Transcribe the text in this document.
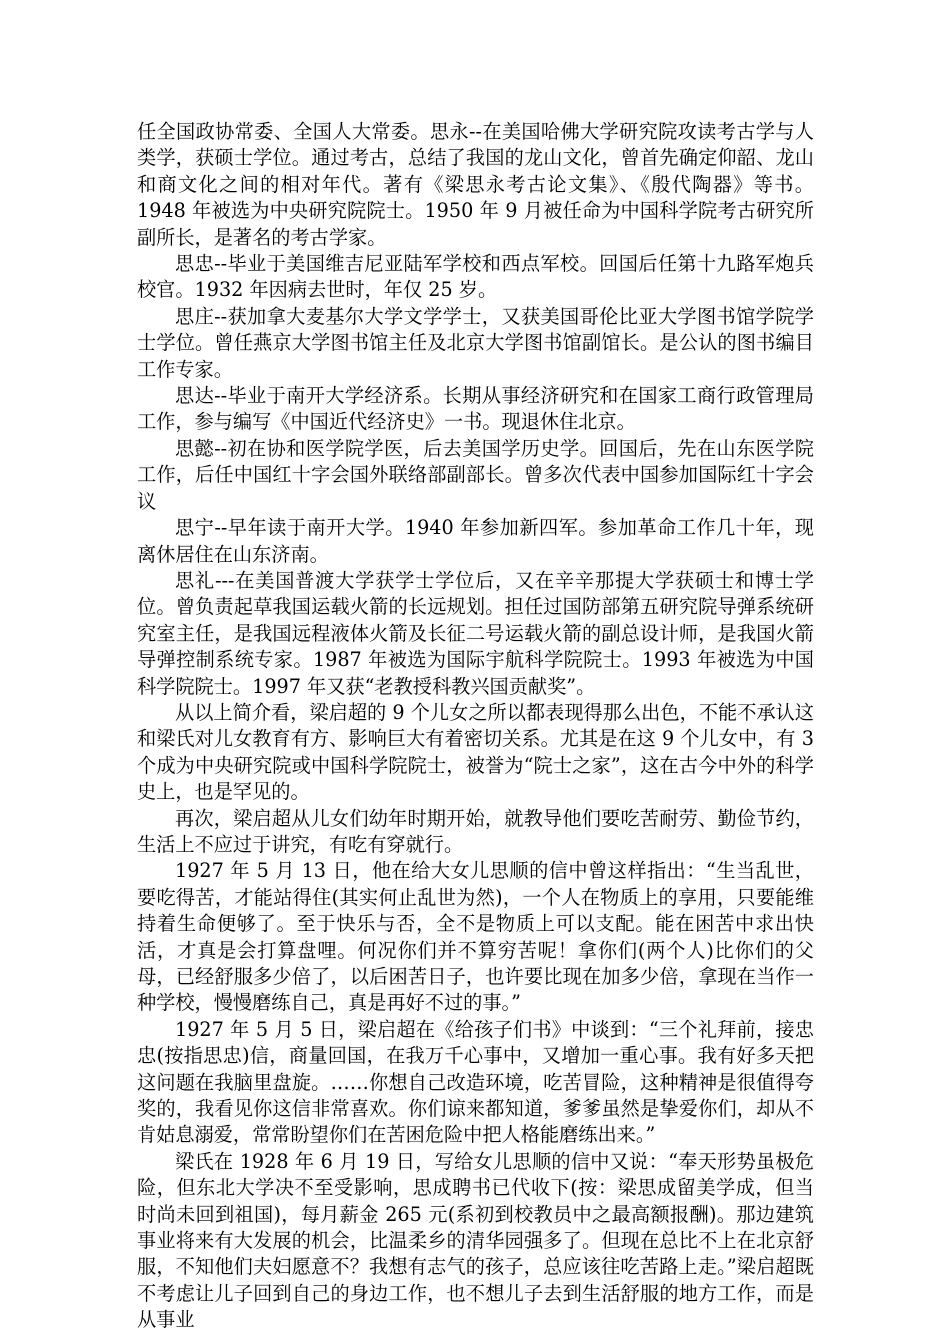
任全国政协常委、全国人大常委。思永--在美国哈佛大学研究院攻读考古学与人类学，获硕士学位。通过考古，总结了我国的龙山文化，曾首先确定仰韶、龙山和商文化之间的相对年代。著有《梁思永考古论文集》、《殷代陶器》等书。1948 年被选为中央研究院院士。1950 年 9 月被任命为中国科学院考古研究所副所长，是著名的考古学家。

思忠--毕业于美国维吉尼亚陆军学校和西点军校。回国后任第十九路军炮兵校官。1932 年因病去世时，年仅 25 岁。

思庄--获加拿大麦基尔大学文学学士，又获美国哥伦比亚大学图书馆学院学士学位。曾任燕京大学图书馆主任及北京大学图书馆副馆长。是公认的图书编目工作专家。

思达--毕业于南开大学经济系。长期从事经济研究和在国家工商行政管理局工作，参与编写《中国近代经济史》一书。现退休住北京。

思懿--初在协和医学院学医，后去美国学历史学。回国后，先在山东医学院工作，后任中国红十字会国外联络部副部长。曾多次代表中国参加国际红十字会议

思宁--早年读于南开大学。1940 年参加新四军。参加革命工作几十年，现离休居住在山东济南。

思礼---在美国普渡大学获学士学位后，又在辛辛那提大学获硕士和博士学位。曾负责起草我国运载火箭的长远规划。担任过国防部第五研究院导弹系统研究室主任，是我国远程液体火箭及长征二号运载火箭的副总设计师，是我国火箭导弹控制系统专家。1987 年被选为国际宇航科学院院士。1993 年被选为中国科学院院士。1997 年又获“老教授科教兴国贡献奖”。

从以上简介看，梁启超的 9 个儿女之所以都表现得那么出色，不能不承认这和梁氏对儿女教育有方、影响巨大有着密切关系。尤其是在这 9 个儿女中，有 3 个成为中央研究院或中国科学院院士，被誉为“院士之家”，这在古今中外的科学史上，也是罕见的。

再次，梁启超从儿女们幼年时期开始，就教导他们要吃苦耐劳、勤俭节约，生活上不应过于讲究，有吃有穿就行。

1927 年 5 月 13 日，他在给大女儿思顺的信中曾这样指出：“生当乱世，要吃得苦，才能站得住(其实何止乱世为然)，一个人在物质上的享用，只要能维持着生命便够了。至于快乐与否，全不是物质上可以支配。能在困苦中求出快活，才真是会打算盘哩。何况你们并不算穷苦呢！拿你们(两个人)比你们的父母，已经舒服多少倍了，以后困苦日子，也许要比现在加多少倍，拿现在当作一种学校，慢慢磨练自己，真是再好不过的事。”

1927 年 5 月 5 日，梁启超在《给孩子们书》中谈到：“三个礼拜前，接忠忠(按指思忠)信，商量回国，在我万千心事中，又增加一重心事。我有好多天把这问题在我脑里盘旋。……你想自己改造环境，吃苦冒险，这种精神是很值得夸奖的，我看见你这信非常喜欢。你们谅来都知道，爹爹虽然是挚爱你们，却从不肯姑息溺爱，常常盼望你们在苦困危险中把人格能磨练出来。”

梁氏在 1928 年 6 月 19 日，写给女儿思顺的信中又说：“奉天形势虽极危险，但东北大学决不至受影响，思成聘书已代收下(按：梁思成留美学成，但当时尚未回到祖国)，每月薪金 265 元(系初到校教员中之最高额报酬)。那边建筑事业将来有大发展的机会，比温柔乡的清华园强多了。但现在总比不上在北京舒服，不知他们夫妇愿意不？我想有志气的孩子，总应该往吃苦路上走。”梁启超既不考虑让儿子回到自己的身边工作，也不想儿子去到生活舒服的地方工作，而是从事业
